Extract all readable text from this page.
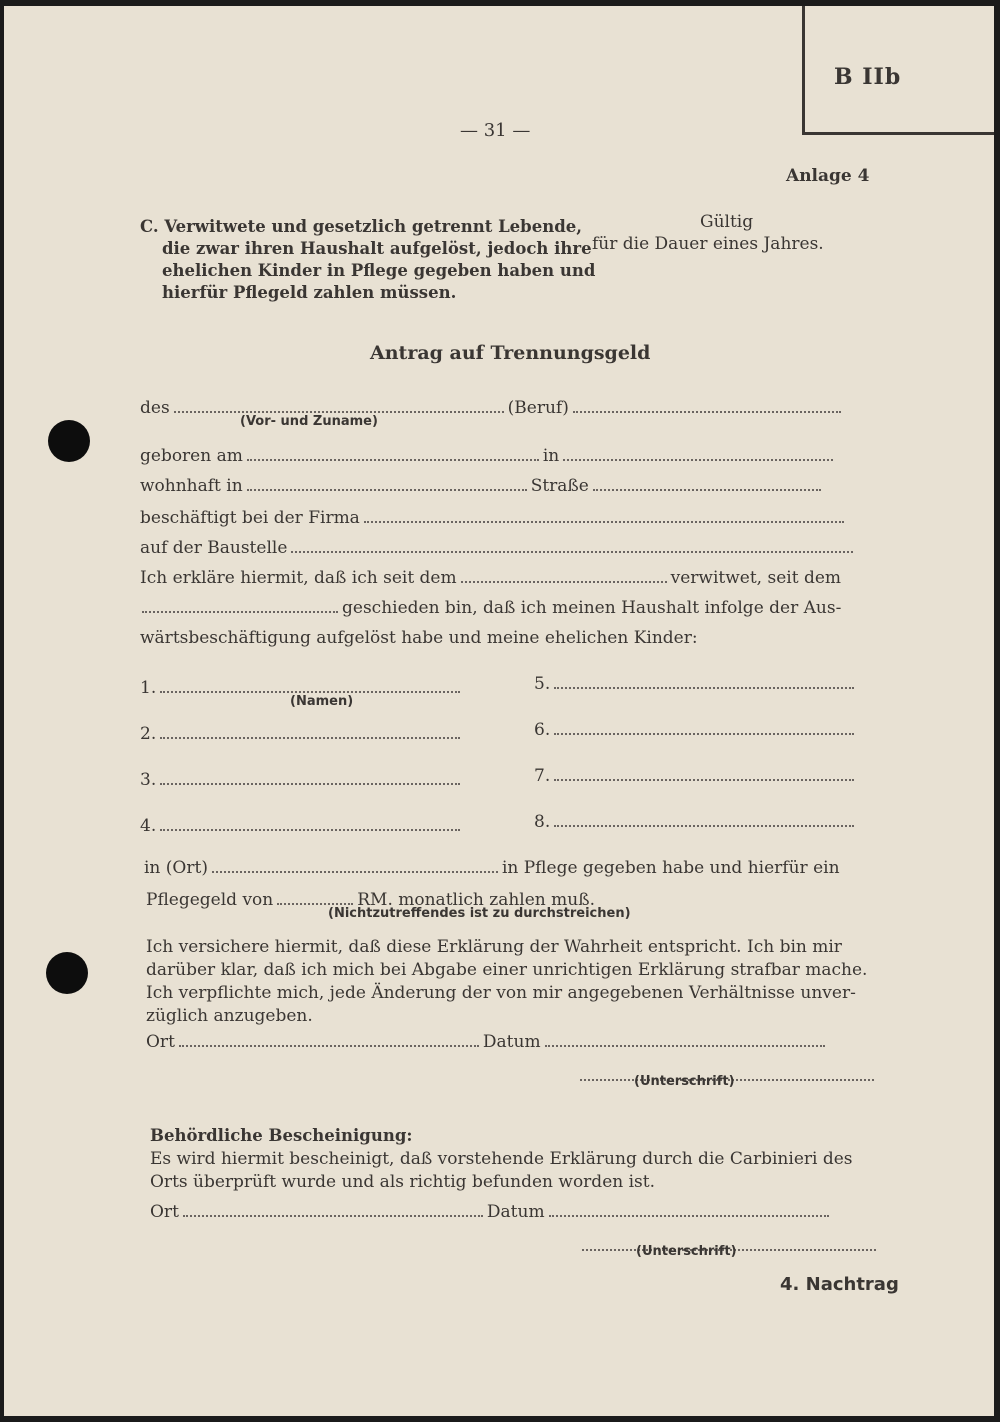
B IIb
— 31 —
Anlage 4
C. Verwitwete und gesetzlich getrennt Lebende,
die zwar ihren Haushalt aufgelöst, jedoch ihre
ehelichen Kinder in Pflege gegeben haben und
hierfür Pflegeld zahlen müssen.
Gültig
für die Dauer eines Jahres.
Antrag auf Trennungsgeld
des	(Beruf)
(Vor- und Zuname)
geboren am	in
wohnhaft in	Straße
beschäftigt bei der Firma
auf der Baustelle
Ich erkläre hiermit, daß ich seit dem	verwitwet, seit dem
geschieden bin, daß ich meinen Haushalt infolge der Aus-
wärtsbeschäftigung aufgelöst habe und meine ehelichen Kinder:
1.	5.
(Namen)
2.	6.
3.	7.
4.	8.
in (Ort)	in Pflege gegeben habe und hierfür ein
Pflegegeld von	RM. monatlich zahlen muß.
(Nichtzutreffendes ist zu durchstreichen)
Ich versichere hiermit, daß diese Erklärung der Wahrheit entspricht. Ich bin mir
darüber klar, daß ich mich bei Abgabe einer unrichtigen Erklärung strafbar mache.
Ich verpflichte mich, jede Änderung der von mir angegebenen Verhältnisse unver-
züglich anzugeben.
Ort	Datum
(Unterschrift)
Behördliche Bescheinigung:
Es wird hiermit bescheinigt, daß vorstehende Erklärung durch die Carbinieri des
Orts überprüft wurde und als richtig befunden worden ist.
Ort	Datum
(Unterschrift)
4. Nachtrag
